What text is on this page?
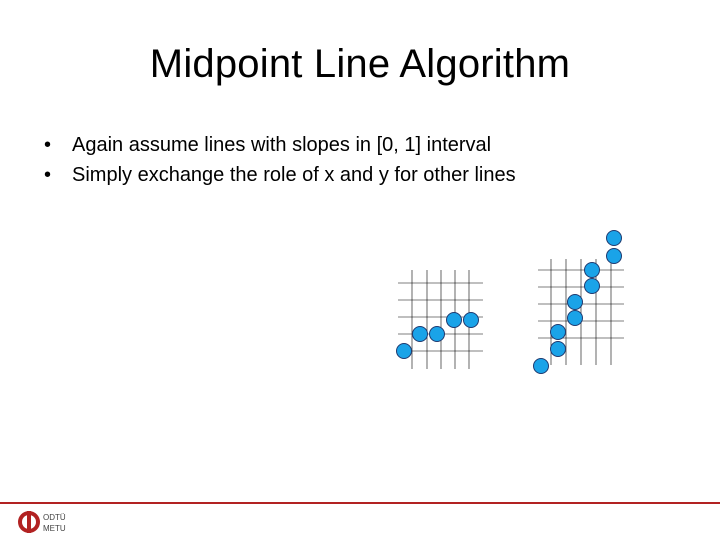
Midpoint Line Algorithm
• Again assume lines with slopes in [0, 1] interval
• Simply exchange the role of x and y for other lines
ODTÜ
METU
